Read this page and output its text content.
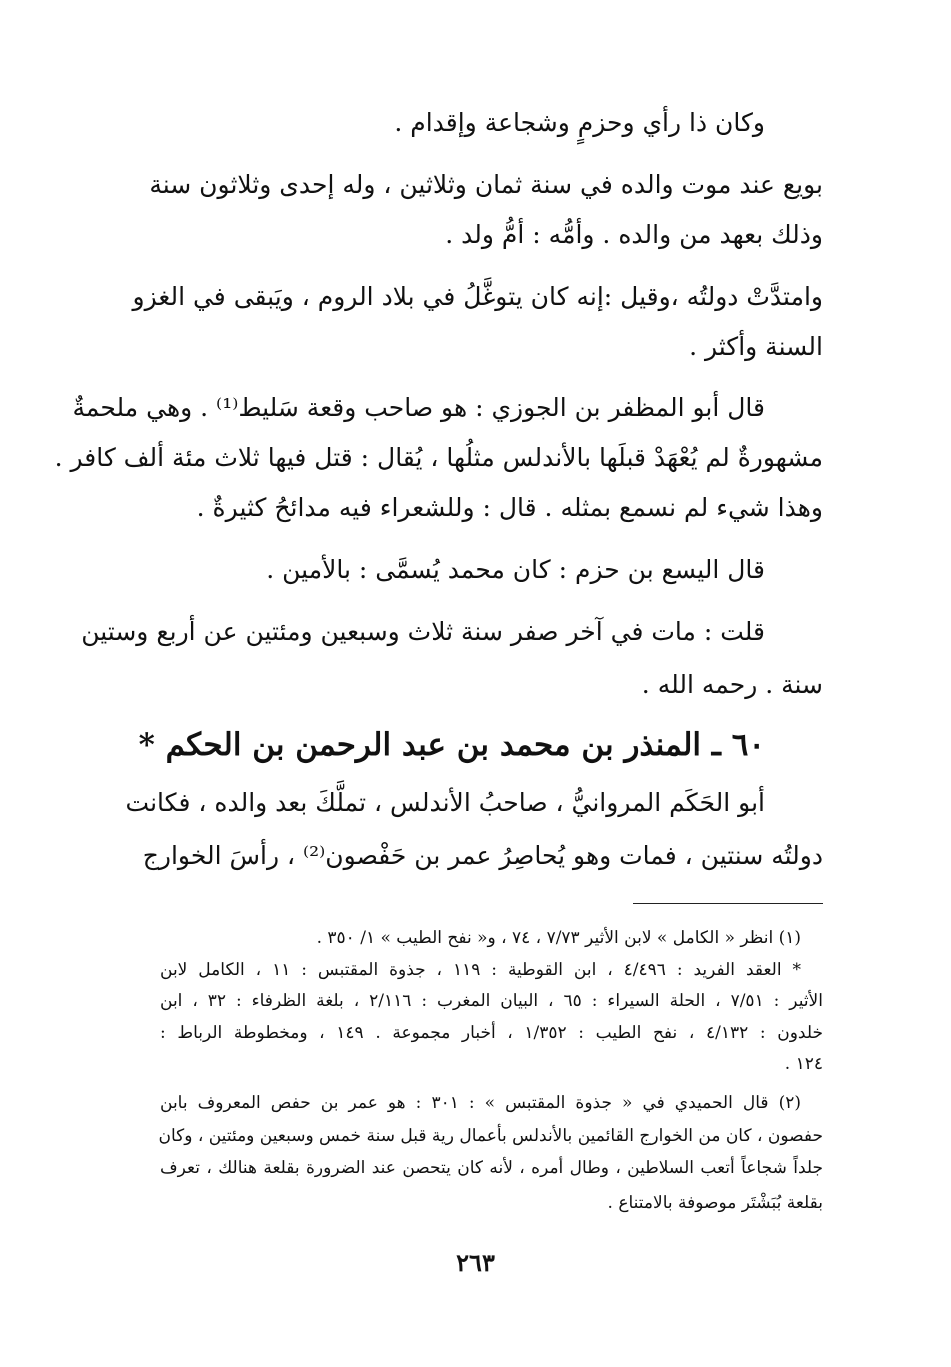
وكان ذا رأي وحزمٍ وشجاعة وإقدام .
بويع عند موت والده في سنة ثمان وثلاثين ، وله إحدى وثلاثون سنة
وذلك بعهد من والده . وأمُّه : أمُّ ولد .
وامتدَّتْ دولتُه ،وقيل :إنه كان يتوغَّلُ في بلاد الروم ، ويَبقى في الغزو
السنة وأكثر .
قال أبو المظفر بن الجوزي : هو صاحب وقعة سَليط⁽¹⁾ . وهي ملحمةٌ
مشهورةٌ لم يُعْهَدْ قبلَها بالأندلس مثلُها ، يُقال : قتل فيها ثلاث مئة ألف كافر .
وهذا شيء لم نسمع بمثله . قال : وللشعراء فيه مدائحُ كثيرةٌ .
قال اليسع بن حزم : كان محمد يُسمَّى : بالأمين .
قلت : مات في آخر صفر سنة ثلاث وسبعين ومئتين عن أربع وستين
سنة . رحمه الله .
٦٠ ـ المنذر بن محمد بن عبد الرحمن بن الحكم *
أبو الحَكَم المروانيُّ ، صاحبُ الأندلس ، تملَّكَ بعد والده ، فكانت
دولتُه سنتين ، فمات وهو يُحاصِرُ عمر بن حَفْصون⁽²⁾ ، رأسَ الخوارج
(١) انظر « الكامل » لابن الأثير ٧/٧٣ ، ٧٤ ، و« نفح الطيب » ١/ ٣٥٠ .
* العقد الفريد : ٤/٤٩٦ ، ابن القوطية : ١١٩ ، جذوة المقتبس : ١١ ، الكامل لابن
الأثير : ٧/٥١ ، الحلة السيراء : ٦٥ ، البيان المغرب : ٢/١١٦ ، بلغة الظرفاء : ٣٢ ، ابن
خلدون : ٤/١٣٢ ، نفح الطيب : ١/٣٥٢ ، أخبار مجموعة . ١٤٩ ، ومخطوطة الرباط :
١٢٤ .
(٢) قال الحميدي في « جذوة المقتبس » : ٣٠١ : هو عمر بن حفص المعروف بابن
حفصون ، كان من الخوارج القائمين بالأندلس بأعمال رية قبل سنة خمس وسبعين ومئتين ، وكان
جلداً شجاعاً أتعب السلاطين ، وطال أمره ، لأنه كان يتحصن عند الضرورة بقلعة هنالك ، تعرف
بقلعة بُبَشْتَر موصوفة بالامتناع .
٢٦٣
